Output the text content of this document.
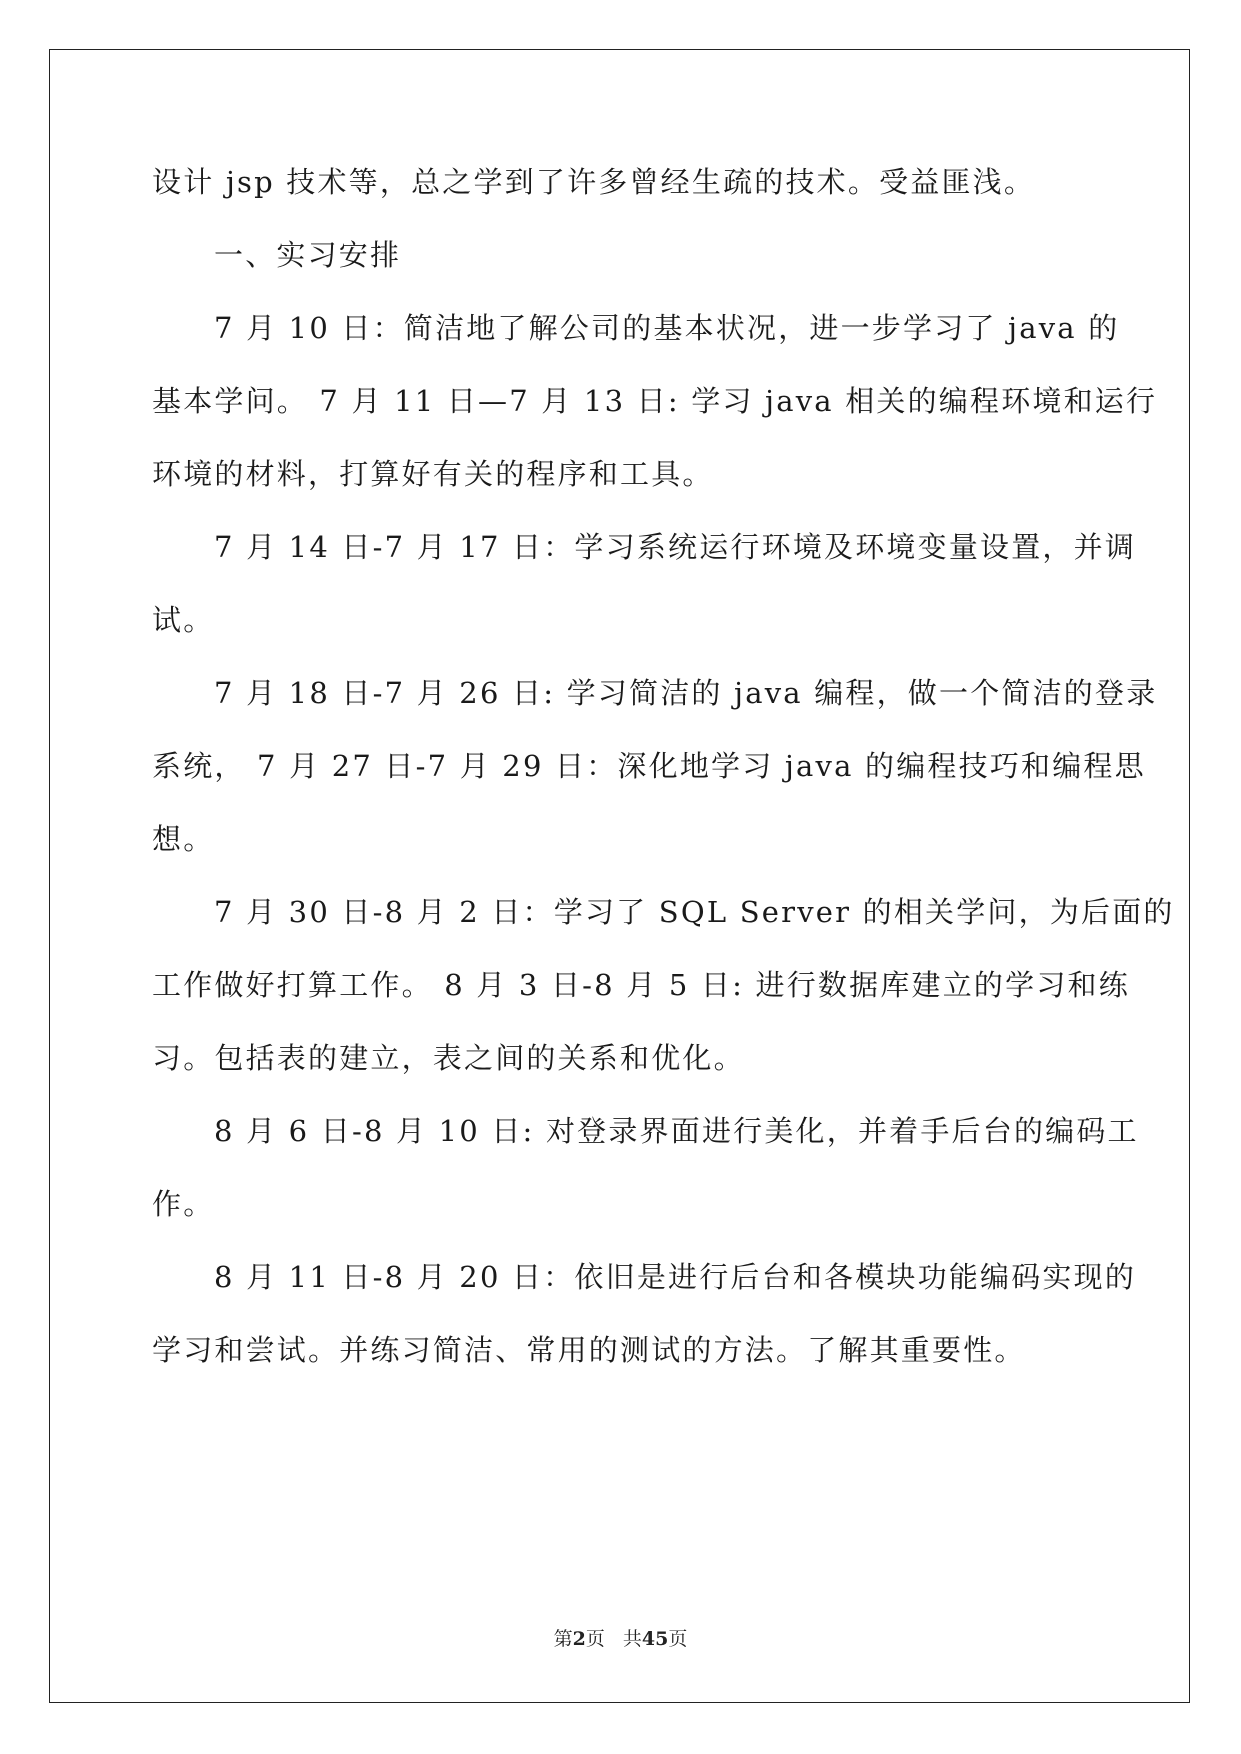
设计 jsp 技术等，总之学到了许多曾经生疏的技术。受益匪浅。
一、实习安排
7 月 10 日：简洁地了解公司的基本状况，进一步学习了 java 的
基本学问。 7 月 11 日—7 月 13 日: 学习 java 相关的编程环境和运行
环境的材料，打算好有关的程序和工具。
7 月 14 日-7 月 17 日：学习系统运行环境及环境变量设置，并调
试。
7 月 18 日-7 月 26 日: 学习简洁的 java 编程，做一个简洁的登录
系统， 7 月 27 日-7 月 29 日：深化地学习 java 的编程技巧和编程思
想。
7 月 30 日-8 月 2 日：学习了 SQL Server 的相关学问，为后面的
工作做好打算工作。 8 月 3 日-8 月 5 日: 进行数据库建立的学习和练
习。包括表的建立，表之间的关系和优化。
8 月 6 日-8 月 10 日: 对登录界面进行美化，并着手后台的编码工
作。
8 月 11 日-8 月 20 日：依旧是进行后台和各模块功能编码实现的
学习和尝试。并练习简洁、常用的测试的方法。了解其重要性。
第2页 共45页
